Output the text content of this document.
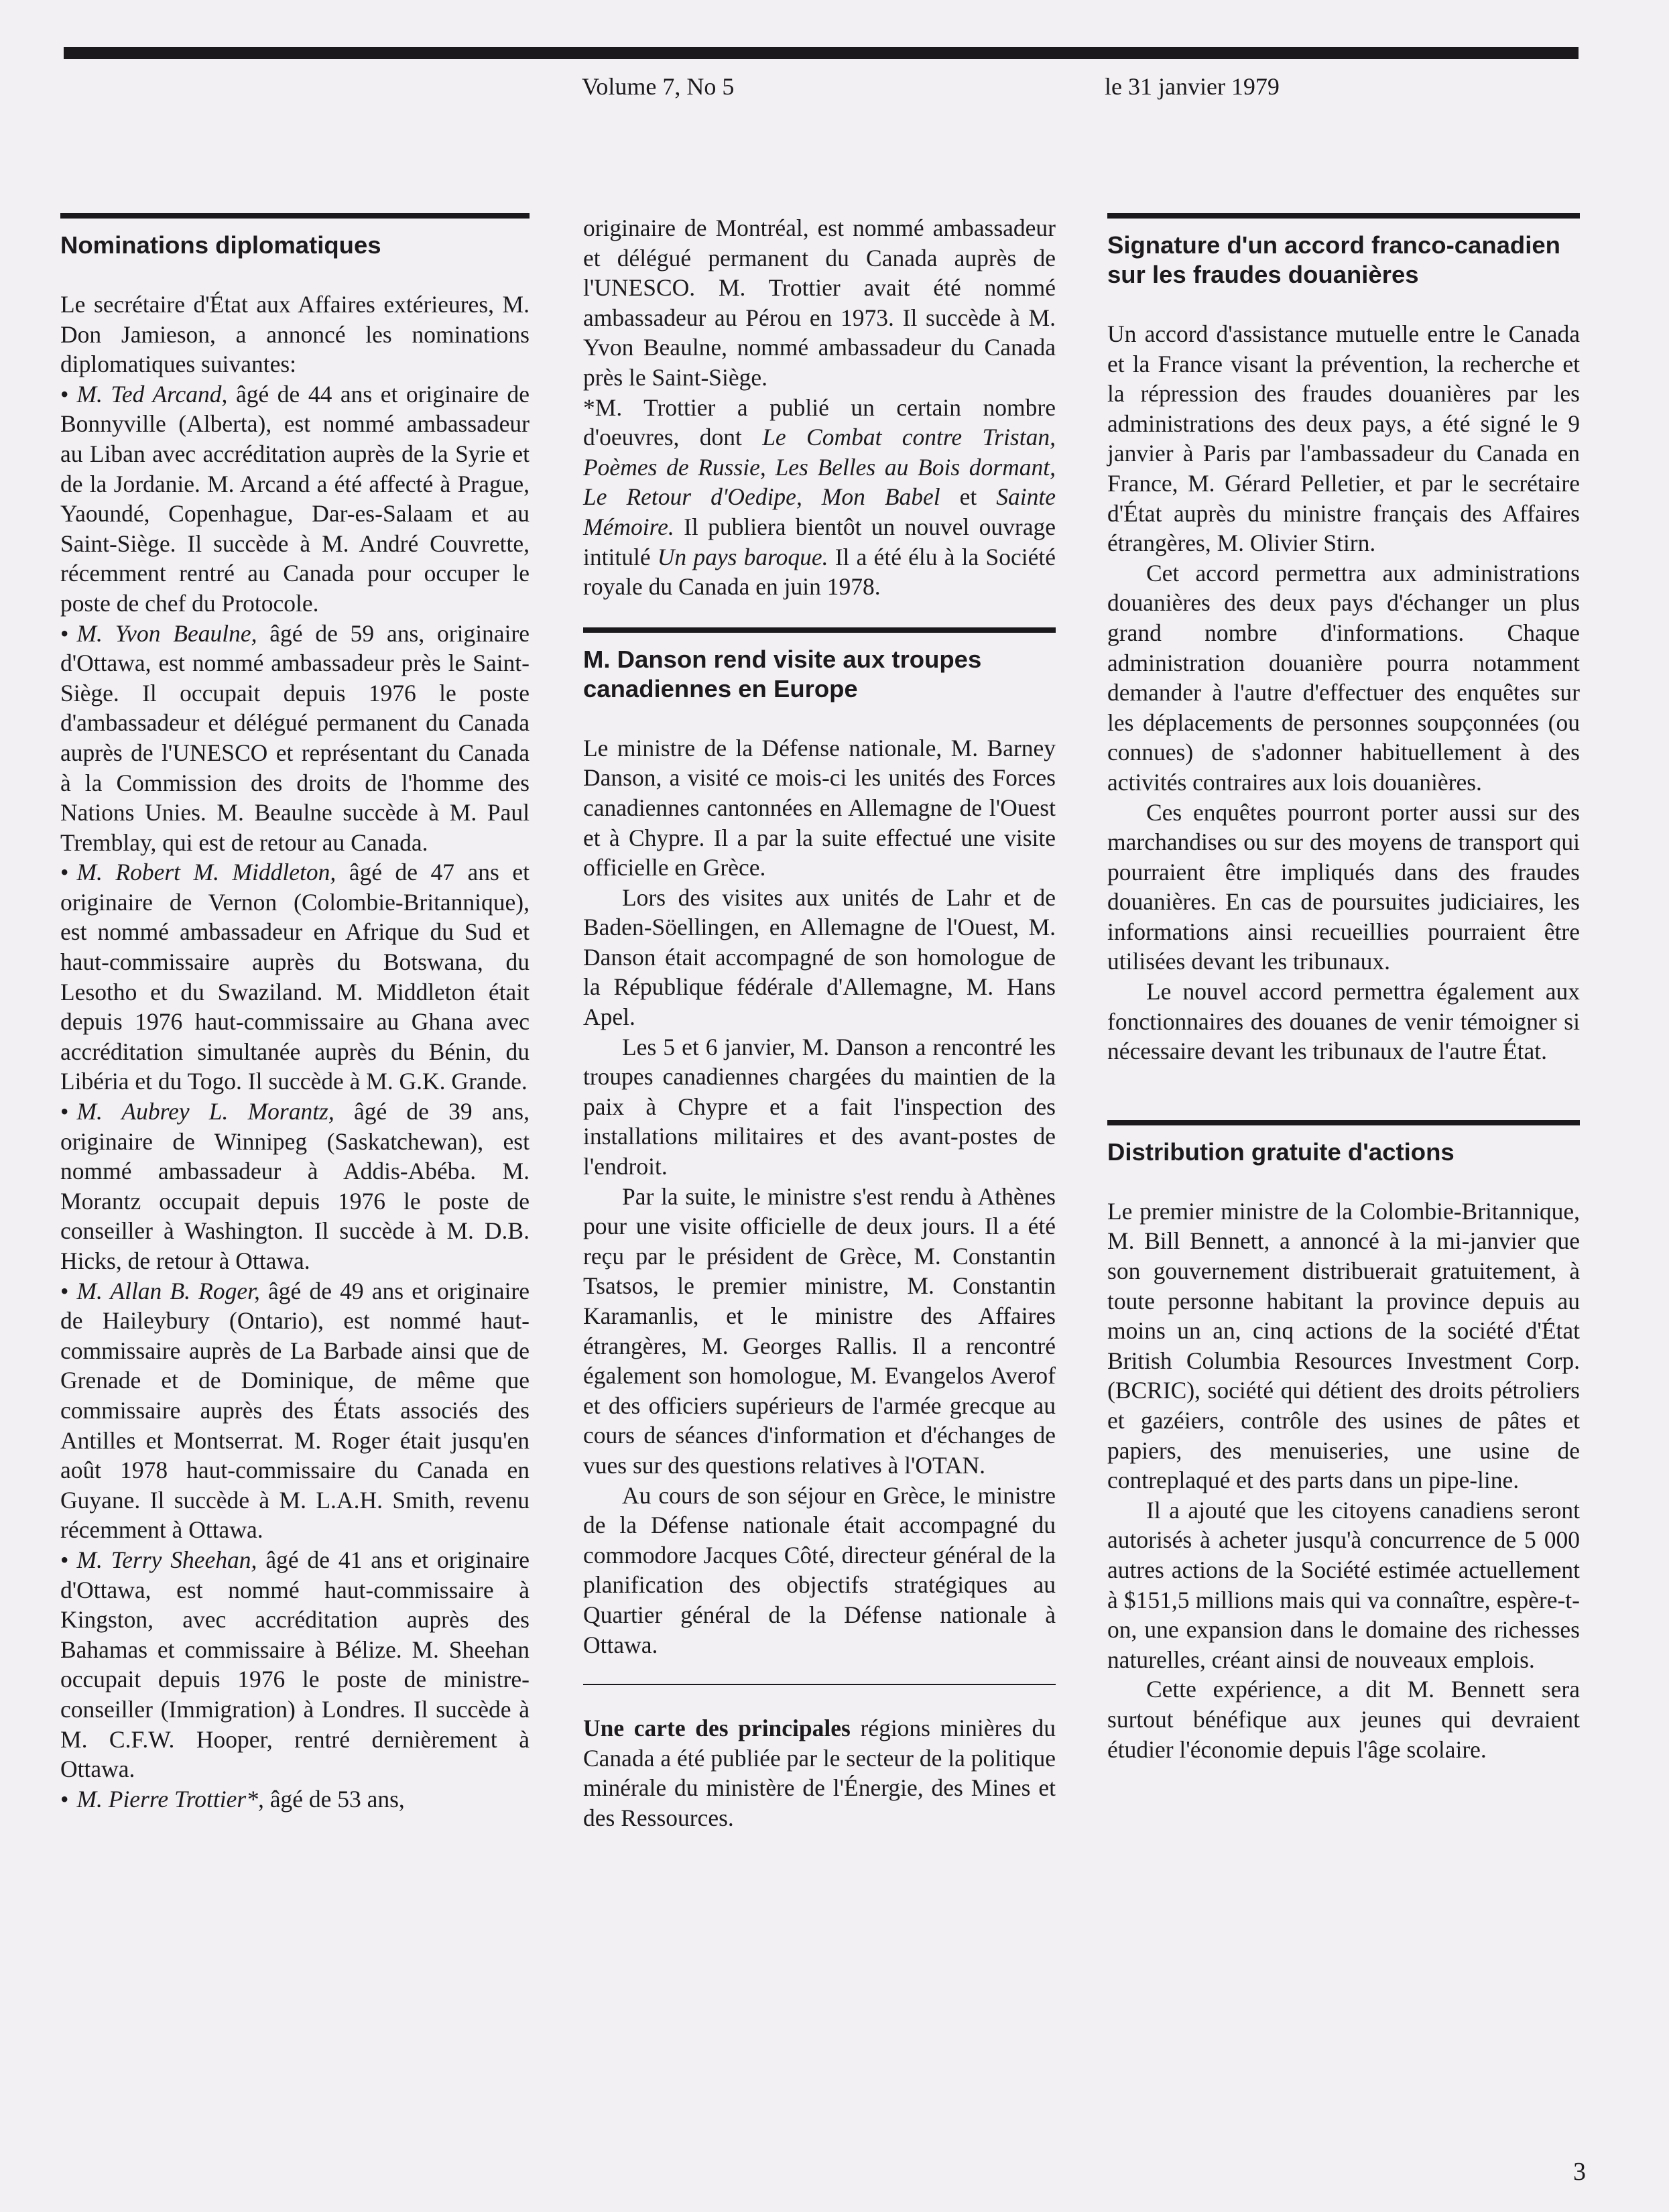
Volume 7, No 5	le 31 janvier 1979
Nominations diplomatiques

Le secrétaire d'État aux Affaires extérieures, M. Don Jamieson, a annoncé les nominations diplomatiques suivantes:

• M. Ted Arcand, âgé de 44 ans et originaire de Bonnyville (Alberta), est nommé ambassadeur au Liban avec accréditation auprès de la Syrie et de la Jordanie. M. Arcand a été affecté à Prague, Yaoundé, Copenhague, Dar-es-Salaam et au Saint-Siège. Il succède à M. André Couvrette, récemment rentré au Canada pour occuper le poste de chef du Protocole.

• M. Yvon Beaulne, âgé de 59 ans, originaire d'Ottawa, est nommé ambassadeur près le Saint-Siège. Il occupait depuis 1976 le poste d'ambassadeur et délégué permanent du Canada auprès de l'UNESCO et représentant du Canada à la Commission des droits de l'homme des Nations Unies. M. Beaulne succède à M. Paul Tremblay, qui est de retour au Canada.

• M. Robert M. Middleton, âgé de 47 ans et originaire de Vernon (Colombie-Britannique), est nommé ambassadeur en Afrique du Sud et haut-commissaire auprès du Botswana, du Lesotho et du Swaziland. M. Middleton était depuis 1976 haut-commissaire au Ghana avec accréditation simultanée auprès du Bénin, du Libéria et du Togo. Il succède à M. G.K. Grande.

• M. Aubrey L. Morantz, âgé de 39 ans, originaire de Winnipeg (Saskatchewan), est nommé ambassadeur à Addis-Abéba. M. Morantz occupait depuis 1976 le poste de conseiller à Washington. Il succède à M. D.B. Hicks, de retour à Ottawa.

• M. Allan B. Roger, âgé de 49 ans et originaire de Haileybury (Ontario), est nommé haut-commissaire auprès de La Barbade ainsi que de Grenade et de Dominique, de même que commissaire auprès des États associés des Antilles et Montserrat. M. Roger était jusqu'en août 1978 haut-commissaire du Canada en Guyane. Il succède à M. L.A.H. Smith, revenu récemment à Ottawa.

• M. Terry Sheehan, âgé de 41 ans et originaire d'Ottawa, est nommé haut-commissaire à Kingston, avec accréditation auprès des Bahamas et commissaire à Bélize. M. Sheehan occupait depuis 1976 le poste de ministre-conseiller (Immigration) à Londres. Il succède à M. C.F.W. Hooper, rentré dernièrement à Ottawa.

• M. Pierre Trottier*, âgé de 53 ans,

originaire de Montréal, est nommé ambassadeur et délégué permanent du Canada auprès de l'UNESCO. M. Trottier avait été nommé ambassadeur au Pérou en 1973. Il succède à M. Yvon Beaulne, nommé ambassadeur du Canada près le Saint-Siège.

*M. Trottier a publié un certain nombre d'oeuvres, dont Le Combat contre Tristan, Poèmes de Russie, Les Belles au Bois dormant, Le Retour d'Oedipe, Mon Babel et Sainte Mémoire. Il publiera bientôt un nouvel ouvrage intitulé Un pays baroque. Il a été élu à la Société royale du Canada en juin 1978.

M. Danson rend visite aux troupes canadiennes en Europe

Le ministre de la Défense nationale, M. Barney Danson, a visité ce mois-ci les unités des Forces canadiennes cantonnées en Allemagne de l'Ouest et à Chypre. Il a par la suite effectué une visite officielle en Grèce.

Lors des visites aux unités de Lahr et de Baden-Söellingen, en Allemagne de l'Ouest, M. Danson était accompagné de son homologue de la République fédérale d'Allemagne, M. Hans Apel.

Les 5 et 6 janvier, M. Danson a rencontré les troupes canadiennes chargées du maintien de la paix à Chypre et a fait l'inspection des installations militaires et des avant-postes de l'endroit.

Par la suite, le ministre s'est rendu à Athènes pour une visite officielle de deux jours. Il a été reçu par le président de Grèce, M. Constantin Tsatsos, le premier ministre, M. Constantin Karamanlis, et le ministre des Affaires étrangères, M. Georges Rallis. Il a rencontré également son homologue, M. Evangelos Averof et des officiers supérieurs de l'armée grecque au cours de séances d'information et d'échanges de vues sur des questions relatives à l'OTAN.

Au cours de son séjour en Grèce, le ministre de la Défense nationale était accompagné du commodore Jacques Côté, directeur général de la planification des objectifs stratégiques au Quartier général de la Défense nationale à Ottawa.

Une carte des principales régions minières du Canada a été publiée par le secteur de la politique minérale du ministère de l'Énergie, des Mines et des Ressources.

Signature d'un accord franco-canadien sur les fraudes douanières

Un accord d'assistance mutuelle entre le Canada et la France visant la prévention, la recherche et la répression des fraudes douanières par les administrations des deux pays, a été signé le 9 janvier à Paris par l'ambassadeur du Canada en France, M. Gérard Pelletier, et par le secrétaire d'État auprès du ministre français des Affaires étrangères, M. Olivier Stirn.

Cet accord permettra aux administrations douanières des deux pays d'échanger un plus grand nombre d'informations. Chaque administration douanière pourra notamment demander à l'autre d'effectuer des enquêtes sur les déplacements de personnes soupçonnées (ou connues) de s'adonner habituellement à des activités contraires aux lois douanières.

Ces enquêtes pourront porter aussi sur des marchandises ou sur des moyens de transport qui pourraient être impliqués dans des fraudes douanières. En cas de poursuites judiciaires, les informations ainsi recueillies pourraient être utilisées devant les tribunaux.

Le nouvel accord permettra également aux fonctionnaires des douanes de venir témoigner si nécessaire devant les tribunaux de l'autre État.

Distribution gratuite d'actions

Le premier ministre de la Colombie-Britannique, M. Bill Bennett, a annoncé à la mi-janvier que son gouvernement distribuerait gratuitement, à toute personne habitant la province depuis au moins un an, cinq actions de la société d'État British Columbia Resources Investment Corp. (BCRIC), société qui détient des droits pétroliers et gazéiers, contrôle des usines de pâtes et papiers, des menuiseries, une usine de contreplaqué et des parts dans un pipe-line.

Il a ajouté que les citoyens canadiens seront autorisés à acheter jusqu'à concurrence de 5 000 autres actions de la Société estimée actuellement à $151,5 millions mais qui va connaître, espère-t-on, une expansion dans le domaine des richesses naturelles, créant ainsi de nouveaux emplois.

Cette expérience, a dit M. Bennett sera surtout bénéfique aux jeunes qui devraient étudier l'économie depuis l'âge scolaire.

3
